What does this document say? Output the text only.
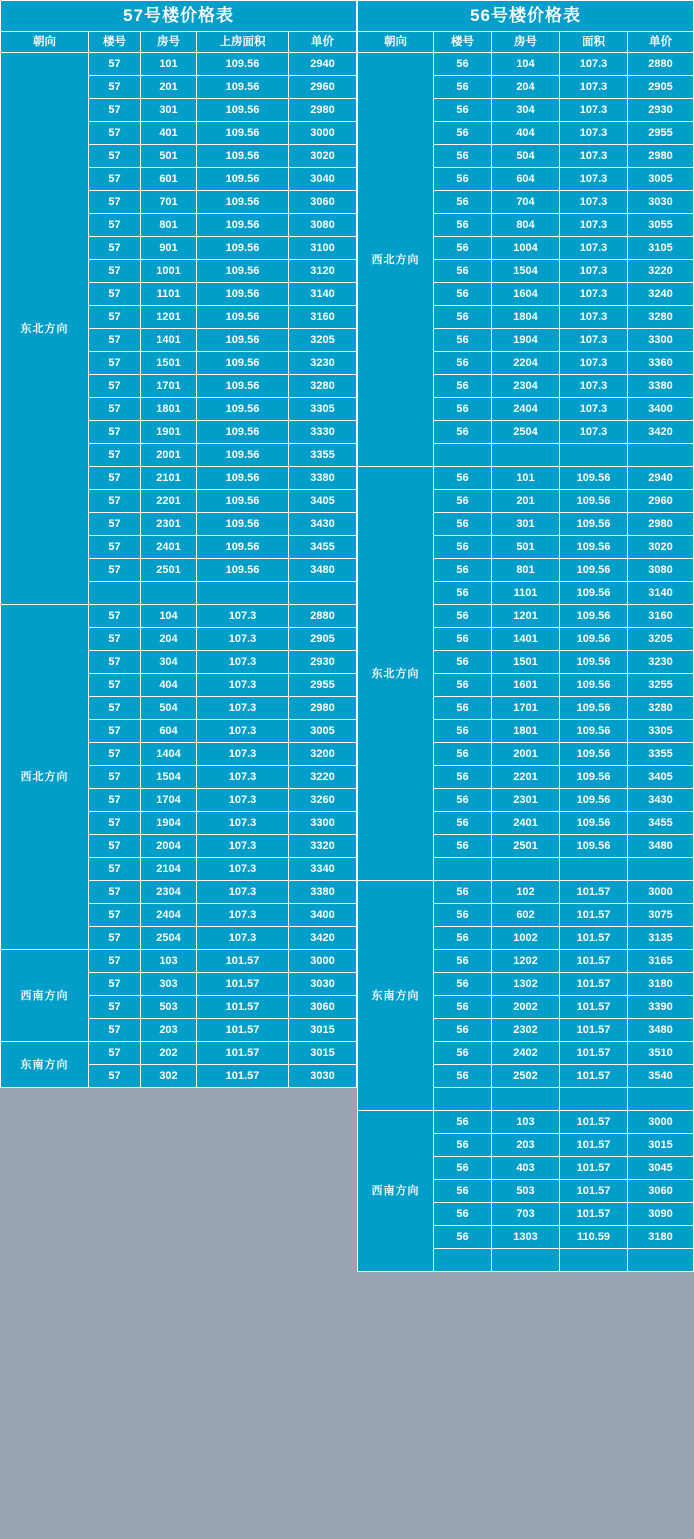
57号楼价格表				
朝向	楼号	房号	上房面积	单价
东北方向	57	101	109.56	2940
	57	201	109.56	2960
	57	301	109.56	2980
	57	401	109.56	3000
	57	501	109.56	3020
	57	601	109.56	3040
	57	701	109.56	3060
	57	801	109.56	3080
	57	901	109.56	3100
	57	1001	109.56	3120
	57	1101	109.56	3140
	57	1201	109.56	3160
	57	1401	109.56	3205
	57	1501	109.56	3230
	57	1701	109.56	3280
	57	1801	109.56	3305
	57	1901	109.56	3330
	57	2001	109.56	3355
	57	2101	109.56	3380
	57	2201	109.56	3405
	57	2301	109.56	3430
	57	2401	109.56	3455
	57	2501	109.56	3480

西北方向	57	104	107.3	2880
	57	204	107.3	2905
	57	304	107.3	2930
	57	404	107.3	2955
	57	504	107.3	2980
	57	604	107.3	3005
	57	1404	107.3	3200
	57	1504	107.3	3220
	57	1704	107.3	3260
	57	1904	107.3	3300
	57	2004	107.3	3320
	57	2104	107.3	3340
	57	2304	107.3	3380
	57	2404	107.3	3400
	57	2504	107.3	3420
西南方向	57	103	101.57	3000
	57	303	101.57	3030
	57	503	101.57	3060
	57	203	101.57	3015
东南方向	57	202	101.57	3015
	57	302	101.57	3030
56号楼价格表				
朝向	楼号	房号	面积	单价
西北方向	56	104	107.3	2880
	56	204	107.3	2905
	56	304	107.3	2930
	56	404	107.3	2955
	56	504	107.3	2980
	56	604	107.3	3005
	56	704	107.3	3030
	56	804	107.3	3055
	56	1004	107.3	3105
	56	1504	107.3	3220
	56	1604	107.3	3240
	56	1804	107.3	3280
	56	1904	107.3	3300
	56	2204	107.3	3360
	56	2304	107.3	3380
	56	2404	107.3	3400
	56	2504	107.3	3420

东北方向	56	101	109.56	2940
	56	201	109.56	2960
	56	301	109.56	2980
	56	501	109.56	3020
	56	801	109.56	3080
	56	1101	109.56	3140
	56	1201	109.56	3160
	56	1401	109.56	3205
	56	1501	109.56	3230
	56	1601	109.56	3255
	56	1701	109.56	3280
	56	1801	109.56	3305
	56	2001	109.56	3355
	56	2201	109.56	3405
	56	2301	109.56	3430
	56	2401	109.56	3455
	56	2501	109.56	3480

东南方向	56	102	101.57	3000
	56	602	101.57	3075
	56	1002	101.57	3135
	56	1202	101.57	3165
	56	1302	101.57	3180
	56	2002	101.57	3390
	56	2302	101.57	3480
	56	2402	101.57	3510
	56	2502	101.57	3540

西南方向	56	103	101.57	3000
	56	203	101.57	3015
	56	403	101.57	3045
	56	503	101.57	3060
	56	703	101.57	3090
	56	1303	110.59	3180
